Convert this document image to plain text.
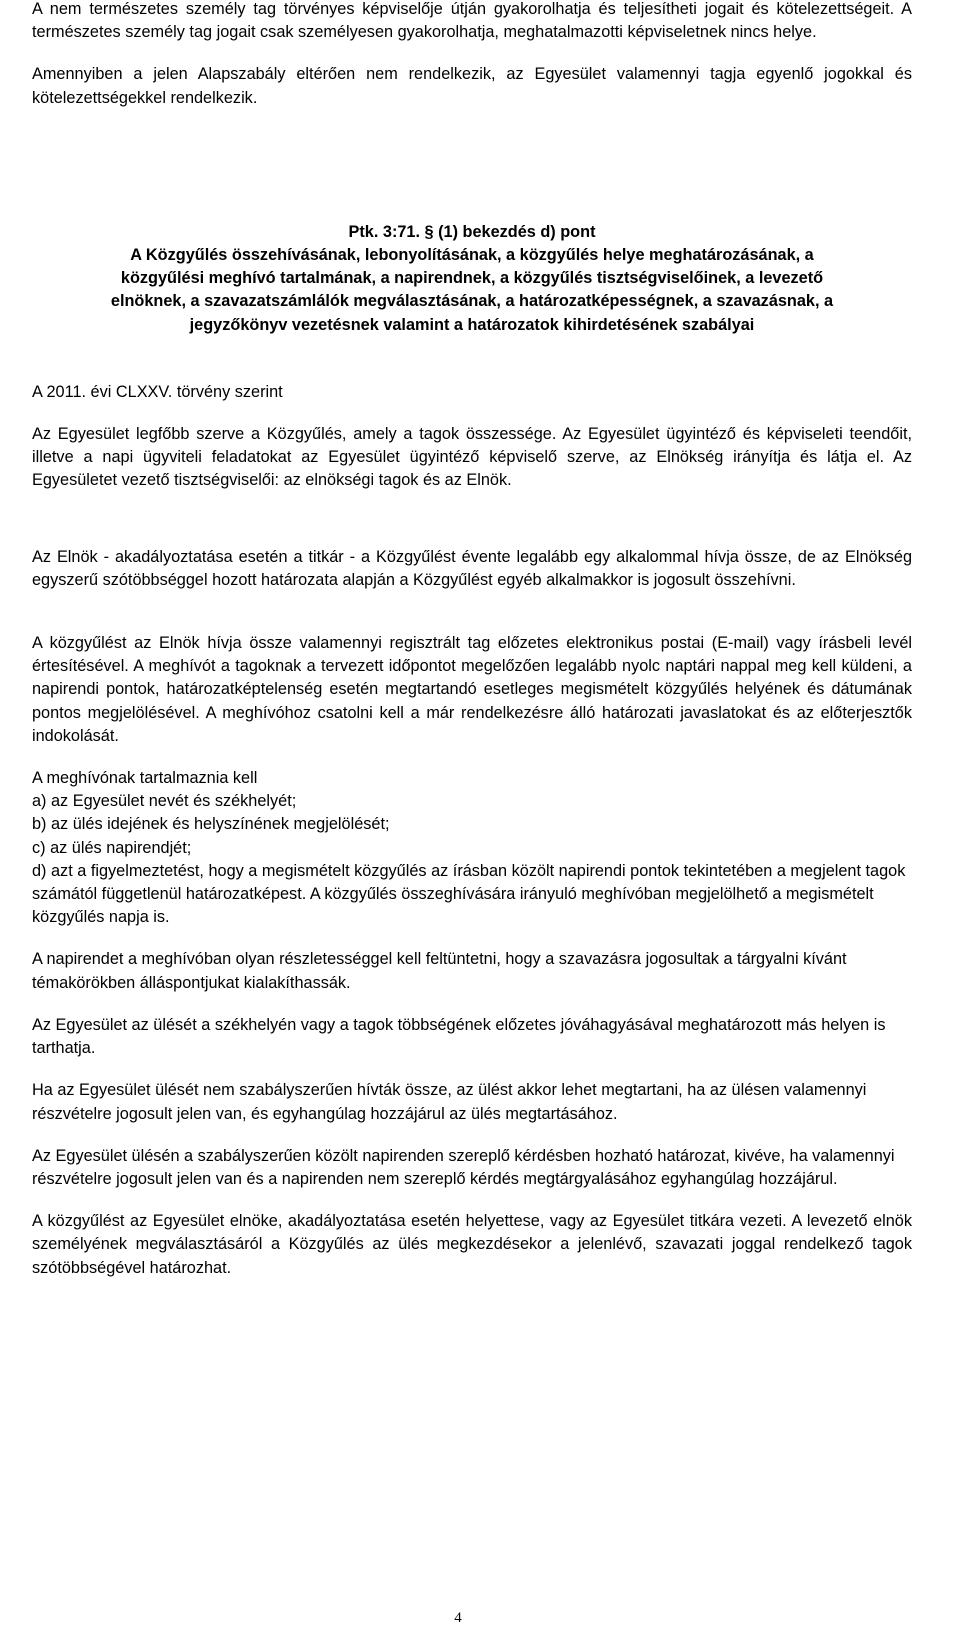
A nem természetes személy tag törvényes képviselője útján gyakorolhatja és teljesítheti jogait és kötelezettségeit. A természetes személy tag jogait csak személyesen gyakorolhatja, meghatalmazotti képviseletnek nincs helye.

Amennyiben a jelen Alapszabály eltérően nem rendelkezik, az Egyesület valamennyi tagja egyenlő jogokkal és kötelezettségekkel rendelkezik.

Ptk. 3:71. § (1) bekezdés d) pont

A Közgyűlés összehívásának, lebonyolításának, a közgyűlés helye meghatározásának, a közgyűlési meghívó tartalmának, a napirendnek, a közgyűlés tisztségviselőinek, a levezető elnöknek, a szavazatszámlálók megválasztásának, a határozatképességnek, a szavazásnak, a jegyzőkönyv vezetésnek valamint a határozatok kihirdetésének szabályai

A 2011. évi CLXXV. törvény szerint

Az Egyesület legfőbb szerve a Közgyűlés, amely a tagok összessége. Az Egyesület ügyintéző és képviseleti teendőit, illetve a napi ügyviteli feladatokat az Egyesület ügyintéző képviselő szerve, az Elnökség irányítja és látja el. Az Egyesületet vezető tisztségviselői: az elnökségi tagok és az Elnök.

Az Elnök - akadályoztatása esetén a titkár - a Közgyűlést évente legalább egy alkalommal hívja össze, de az Elnökség egyszerű szótöbbséggel hozott határozata alapján a Közgyűlést egyéb alkalmakkor is jogosult összehívni.

A közgyűlést az Elnök hívja össze valamennyi regisztrált tag előzetes elektronikus postai (E-mail) vagy írásbeli levél értesítésével. A meghívót a tagoknak a tervezett időpontot megelőzően legalább nyolc naptári nappal meg kell küldeni, a napirendi pontok, határozatképtelenség esetén megtartandó esetleges megismételt közgyűlés helyének és dátumának pontos megjelölésével. A meghívóhoz csatolni kell a már rendelkezésre álló határozati javaslatokat és az előterjesztők indokolását.

A meghívónak tartalmaznia kell

a) az Egyesület nevét és székhelyét;
b) az ülés idejének és helyszínének megjelölését;
c) az ülés napirendjét;
d) azt a figyelmeztetést, hogy a megismételt közgyűlés az írásban közölt napirendi pontok tekintetében a megjelent tagok számától függetlenül határozatképest. A közgyűlés összeghívására irányuló meghívóban megjelölhető a megismételt közgyűlés napja is.

A napirendet a meghívóban olyan részletességgel kell feltüntetni, hogy a szavazásra jogosultak a tárgyalni kívánt témakörökben álláspontjukat kialakíthassák.

Az Egyesület az ülését a székhelyén vagy a tagok többségének előzetes jóváhagyásával meghatározott más helyen is tarthatja.

Ha az Egyesület ülését nem szabályszerűen hívták össze, az ülést akkor lehet megtartani, ha az ülésen valamennyi részvételre jogosult jelen van, és egyhangúlag hozzájárul az ülés megtartásához.

Az Egyesület ülésén a szabályszerűen közölt napirenden szereplő kérdésben hozható határozat, kivéve, ha valamennyi részvételre jogosult jelen van és a napirenden nem szereplő kérdés megtárgyalásához egyhangúlag hozzájárul.

A közgyűlést az Egyesület elnöke, akadályoztatása esetén helyettese, vagy az Egyesület titkára vezeti. A levezető elnök személyének megválasztásáról a Közgyűlés az ülés megkezdésekor a jelenlévő, szavazati joggal rendelkező tagok szótöbbségével határozhat.

4
